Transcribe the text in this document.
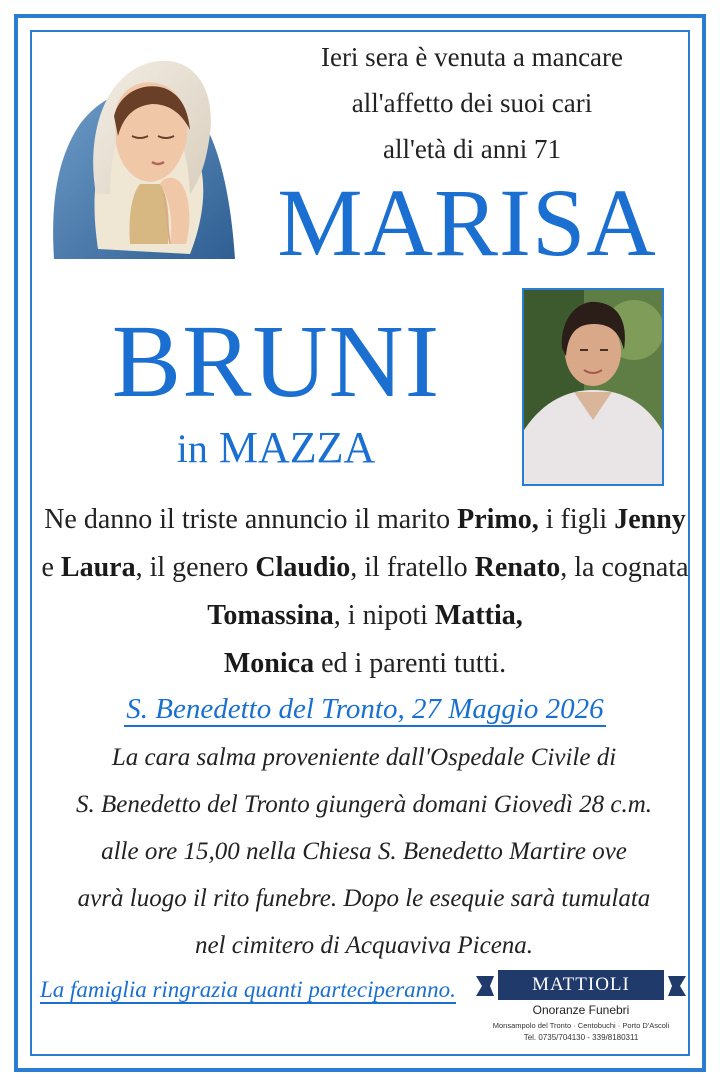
Ieri sera è venuta a mancare
all'affetto dei suoi cari
all'età di anni 71
MARISA
BRUNI
in MAZZA
Ne danno il triste annuncio il marito Primo, i figli Jenny e Laura, il genero Claudio, il fratello Renato, la cognata Tomassina, i nipoti Mattia,
Monica ed i parenti tutti.
S. Benedetto del Tronto, 27 Maggio 2026
La cara salma proveniente dall'Ospedale Civile di
S. Benedetto del Tronto giungerà domani Giovedì 28 c.m.
alle ore 15,00 nella Chiesa S. Benedetto Martire ove
avrà luogo il rito funebre. Dopo le esequie sarà tumulata
nel cimitero di Acquaviva Picena.
La famiglia ringrazia quanti parteciperanno.	MATTIOLI
Onoranze Funebri
Monsampolo del Tronto · Centobuchi · Porto D'Ascoli
Tel. 0735/704130 - 339/8180311
